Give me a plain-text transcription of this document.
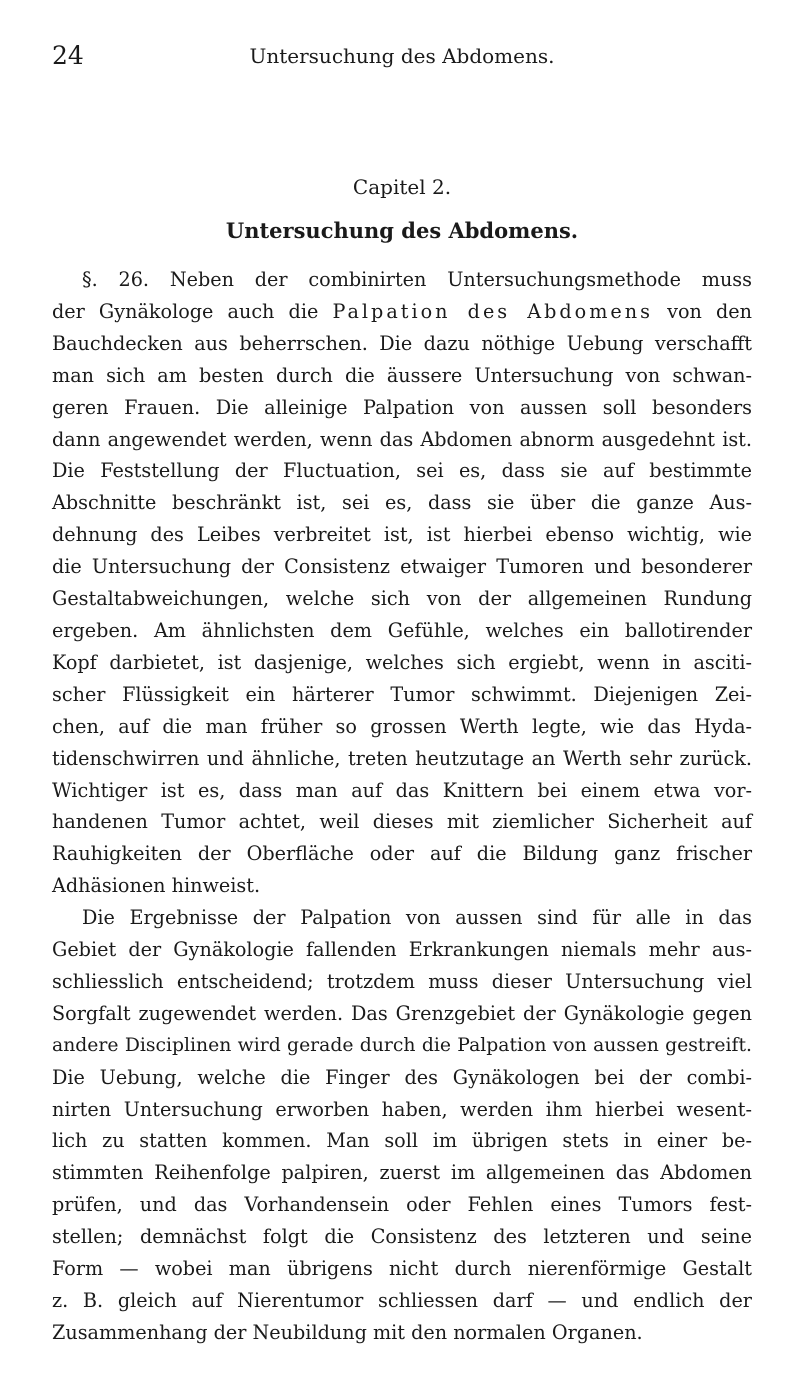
24	Untersuchung des Abdomens.
Capitel 2.
Untersuchung des Abdomens.

§. 26. Neben der combinirten Untersuchungsmethode muss
der Gynäkologe auch die Palpation des Abdomens von den
Bauchdecken aus beherrschen. Die dazu nöthige Uebung verschafft
man sich am besten durch die äussere Untersuchung von schwan-
geren Frauen. Die alleinige Palpation von aussen soll besonders
dann angewendet werden, wenn das Abdomen abnorm ausgedehnt ist.
Die Feststellung der Fluctuation, sei es, dass sie auf bestimmte
Abschnitte beschränkt ist, sei es, dass sie über die ganze Aus-
dehnung des Leibes verbreitet ist, ist hierbei ebenso wichtig, wie
die Untersuchung der Consistenz etwaiger Tumoren und besonderer
Gestaltabweichungen, welche sich von der allgemeinen Rundung
ergeben. Am ähnlichsten dem Gefühle, welches ein ballotirender
Kopf darbietet, ist dasjenige, welches sich ergiebt, wenn in asciti-
scher Flüssigkeit ein härterer Tumor schwimmt. Diejenigen Zei-
chen, auf die man früher so grossen Werth legte, wie das Hyda-
tidenschwirren und ähnliche, treten heutzutage an Werth sehr zurück.
Wichtiger ist es, dass man auf das Knittern bei einem etwa vor-
handenen Tumor achtet, weil dieses mit ziemlicher Sicherheit auf
Rauhigkeiten der Oberfläche oder auf die Bildung ganz frischer
Adhäsionen hinweist.

Die Ergebnisse der Palpation von aussen sind für alle in das
Gebiet der Gynäkologie fallenden Erkrankungen niemals mehr aus-
schliesslich entscheidend; trotzdem muss dieser Untersuchung viel
Sorgfalt zugewendet werden. Das Grenzgebiet der Gynäkologie gegen
andere Disciplinen wird gerade durch die Palpation von aussen gestreift.
Die Uebung, welche die Finger des Gynäkologen bei der combi-
nirten Untersuchung erworben haben, werden ihm hierbei wesent-
lich zu statten kommen. Man soll im übrigen stets in einer be-
stimmten Reihenfolge palpiren, zuerst im allgemeinen das Abdomen
prüfen, und das Vorhandensein oder Fehlen eines Tumors fest-
stellen; demnächst folgt die Consistenz des letzteren und seine
Form — wobei man übrigens nicht durch nierenförmige Gestalt
z. B. gleich auf Nierentumor schliessen darf — und endlich der
Zusammenhang der Neubildung mit den normalen Organen.
